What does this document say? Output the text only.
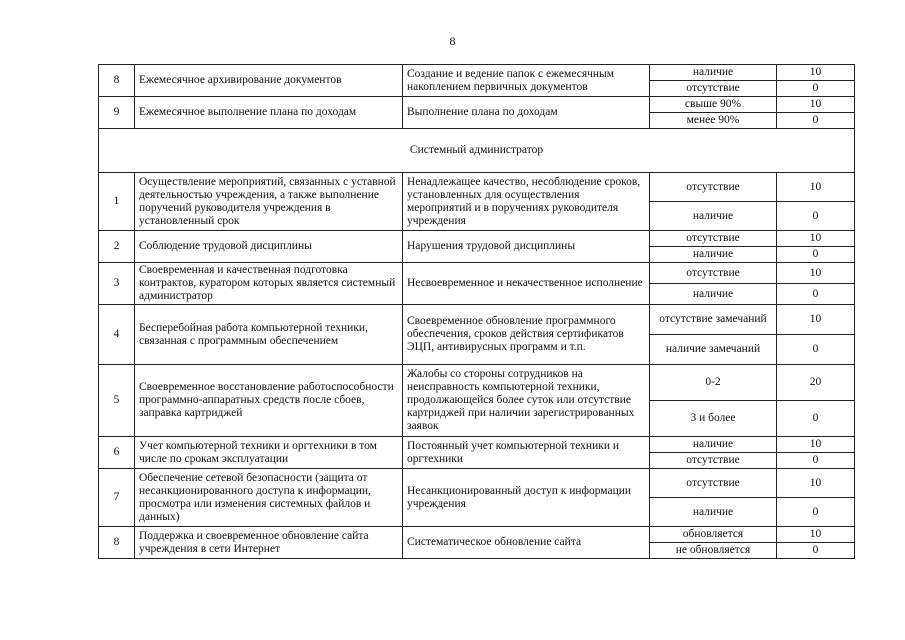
8
8	Ежемесячное архивирование документов	Создание и ведение папок с ежемесячным накоплением первичных документов	наличие	10
			отсутствие	0
9	Ежемесячное выполнение плана по доходам	Выполнение плана по доходам	свыше 90%	10
			менее 90%	0
Системный администратор				
1	Осуществление мероприятий, связанных с уставной деятельностью учреждения, а также выполнение поручений руководителя учреждения в установленный срок	Ненадлежащее качество, несоблюдение сроков, установленных для осуществления мероприятий и в поручениях руководителя учреждения	отсутствие	10
			наличие	0
2	Соблюдение трудовой дисциплины	Нарушения трудовой дисциплины	отсутствие	10
			наличие	0
3	Своевременная и качественная подготовка контрактов, куратором которых является системный администратор	Несвоевременное и некачественное исполнение	отсутствие	10
			наличие	0
4	Бесперебойная работа компьютерной техники, связанная с программным обеспечением	Своевременное обновление программного обеспечения, сроков действия сертификатов ЭЦП, антивирусных программ и т.п.	отсутствие замечаний	10
			наличие замечаний	0
5	Своевременное восстановление работоспособности программно-аппаратных средств после сбоев, заправка картриджей	Жалобы со стороны сотрудников на неисправность компьютерной техники, продолжающейся более суток или отсутствие картриджей при наличии зарегистрированных заявок	0-2	20
			3 и более	0
6	Учет компьютерной техники и оргтехники в том числе по срокам эксплуатации	Постоянный учет компьютерной техники и оргтехники	наличие	10
			отсутствие	0
7	Обеспечение сетевой безопасности (защита от несанкционированного доступа к информации, просмотра или изменения системных файлов и данных)	Несанкционированный доступ к информации учреждения	отсутствие	10
			наличие	0
8	Поддержка и своевременное обновление сайта учреждения в сети Интернет	Систематическое обновление сайта	обновляется	10
			не обновляется	0
